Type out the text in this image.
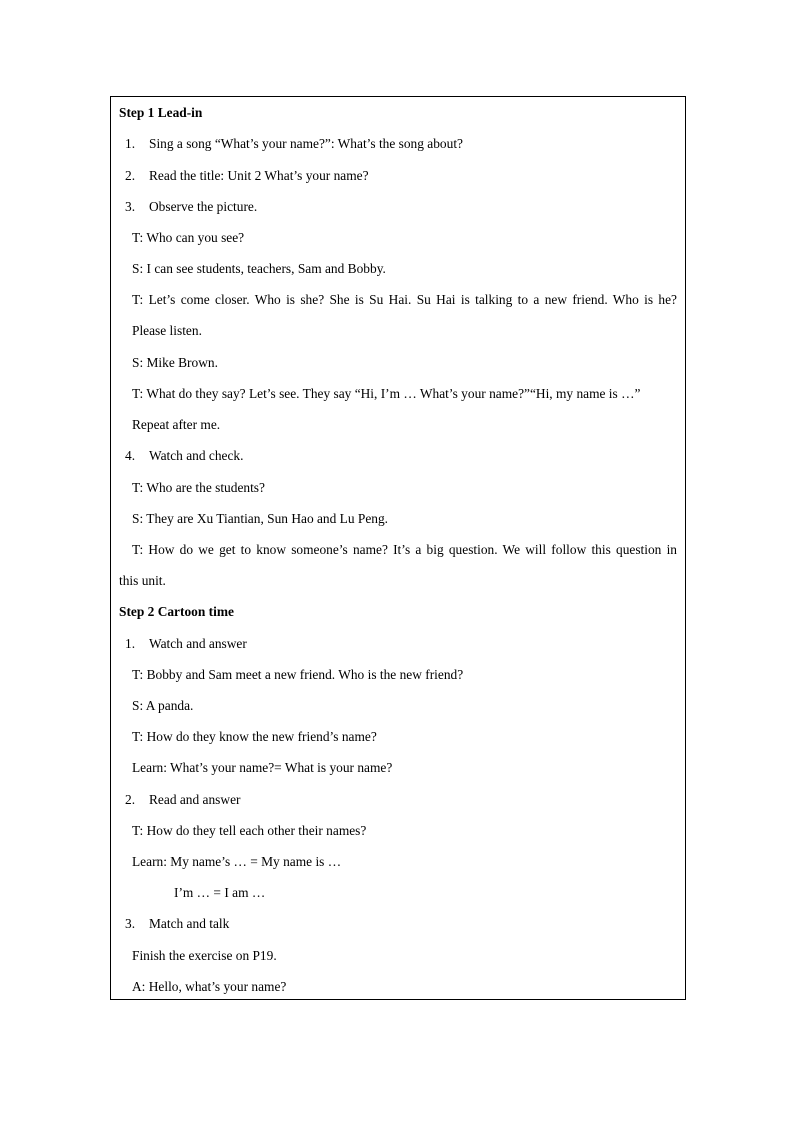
Step 1 Lead-in
1. Sing a song “What’s your name?”: What’s the song about?
2. Read the title: Unit 2 What’s your name?
3. Observe the picture.
T: Who can you see?
S: I can see students, teachers, Sam and Bobby.
T: Let’s come closer. Who is she? She is Su Hai. Su Hai is talking to a new friend. Who is he?
Please listen.
S: Mike Brown.
T: What do they say? Let’s see. They say “Hi, I’m … What’s your name?”“Hi, my name is …”
Repeat after me.
4. Watch and check.
T: Who are the students?
S: They are Xu Tiantian, Sun Hao and Lu Peng.
T: How do we get to know someone’s name? It’s a big question. We will follow this question in
this unit.
Step 2 Cartoon time
1. Watch and answer
T: Bobby and Sam meet a new friend. Who is the new friend?
S: A panda.
T: How do they know the new friend’s name?
Learn: What’s your name?= What is your name?
2. Read and answer
T: How do they tell each other their names?
Learn: My name’s … = My name is …
I’m … = I am …
3. Match and talk
Finish the exercise on P19.
A: Hello, what’s your name?
